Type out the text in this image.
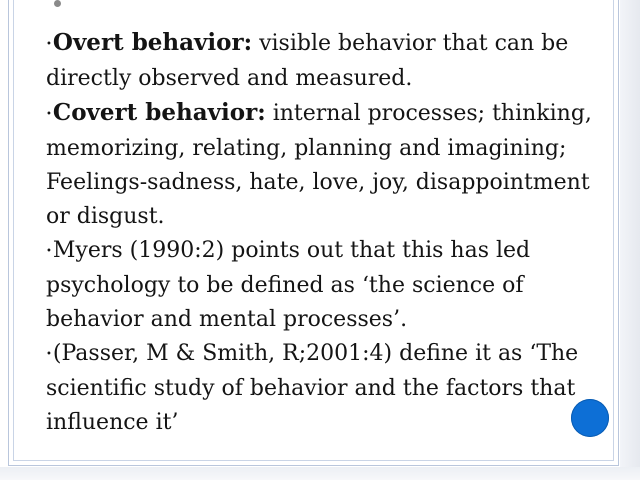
•Overt behavior: visible behavior that can be directly observed and measured.

•Covert behavior: internal processes; thinking, memorizing, relating, planning and imagining; Feelings-sadness, hate, love, joy, disappointment or disgust.

•Myers (1990:2) points out that this has led psychology to be defined as ‘the science of behavior and mental processes’.

•(Passer, M & Smith, R;2001:4) define it as ‘The scientific study of behavior and the factors that influence it’
